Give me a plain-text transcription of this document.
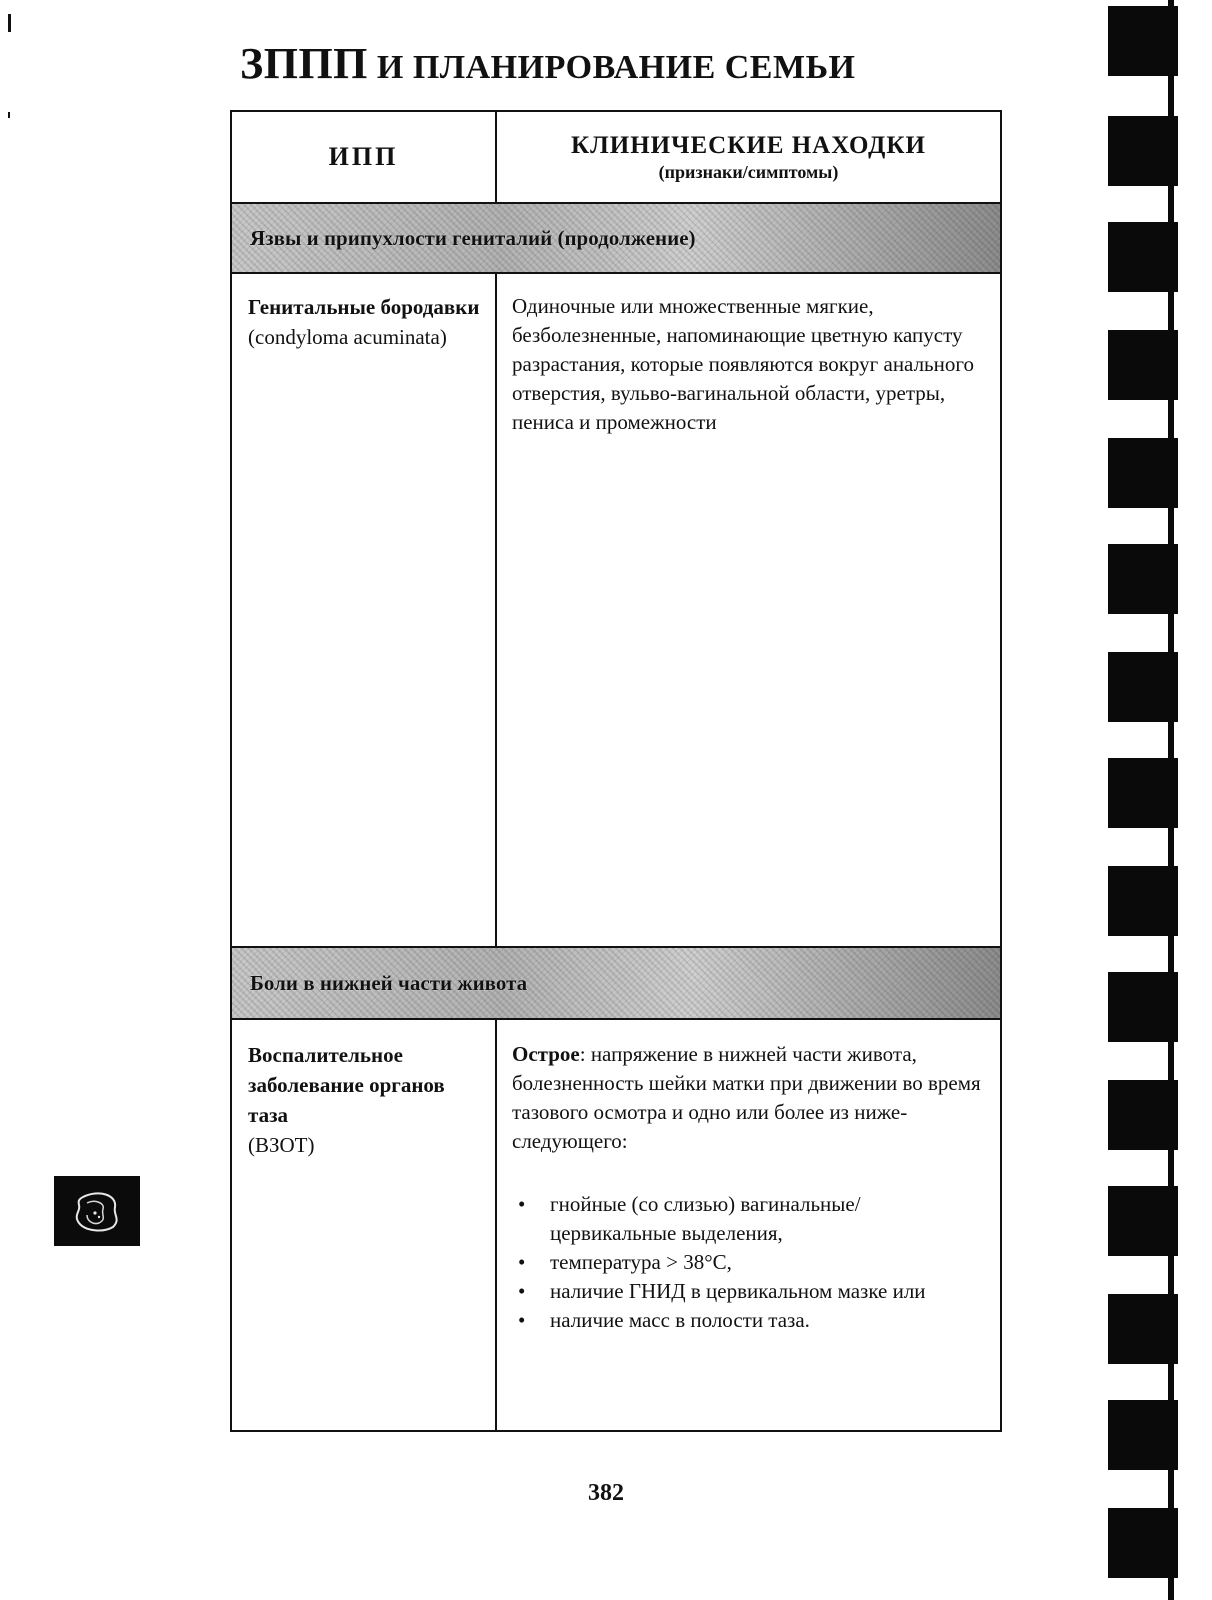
ЗППП И ПЛАНИРОВАНИЕ СЕМЬИ
ИПП	КЛИНИЧЕСКИЕ НАХОДКИ
(признаки/симптомы)
Язвы и припухлости гениталий (продолжение)
Генитальные бородавки
(condyloma acuminata)
Одиночные или множественные мягкие, безболезненные, напоминающие цветную капусту разрастания, которые появляются вокруг анального отверстия, вульво-вагинальной области, уретры, пениса и промежности
Боли в нижней части живота
Воспалительное заболевание органов таза
(ВЗОТ)
Острое: напряжение в нижней части живота, болезненность шейки матки при движении во время тазового осмотра и одно или более из ниже-следующего:
• гнойные (со слизью) вагинальные/ цервикальные выделения,
• температура > 38°С,
• наличие ГНИД в цервикальном мазке или
• наличие масс в полости таза.
382
